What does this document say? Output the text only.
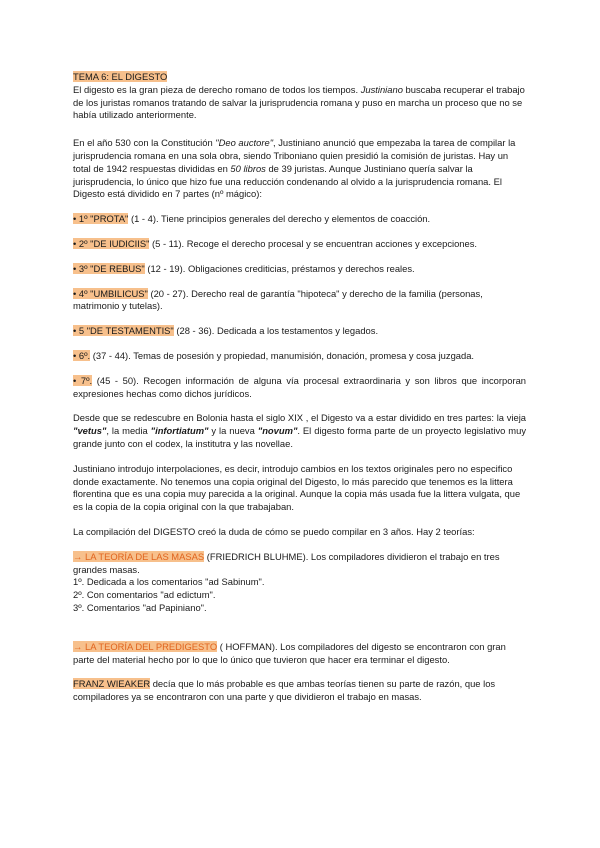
TEMA 6: EL DIGESTO

El digesto es la gran pieza de derecho romano de todos los tiempos. Justiniano buscaba recuperar el trabajo de los juristas romanos tratando de salvar la jurisprudencia romana y puso en marcha un proceso que no se había utilizado anteriormente.

En el año 530 con la Constitución "Deo auctore", Justiniano anunció que empezaba la tarea de compilar la jurisprudencia romana en una sola obra, siendo Triboniano quien presidió la comisión de juristas. Hay un total de 1942 respuestas divididas en 50 libros de 39 juristas. Aunque Justiniano quería salvar la jurisprudencia, lo único que hizo fue una reducción condenando al olvido a la jurisprudencia romana. El Digesto está dividido en 7 partes (nº mágico):

• 1º "PROTA" (1 - 4). Tiene principios generales del derecho y elementos de coacción.

• 2º "DE IUDICIIS" (5 - 11). Recoge el derecho procesal y se encuentran acciones y excepciones.

• 3º "DE REBUS" (12 - 19). Obligaciones crediticias, préstamos y derechos reales.

• 4º "UMBILICUS" (20 - 27). Derecho real de garantía "hipoteca" y derecho de la familia (personas, matrimonio y tutelas).

• 5 "DE TESTAMENTIS" (28 - 36). Dedicada a los testamentos y legados.

• 6º. (37 - 44). Temas de posesión y propiedad, manumisión, donación, promesa y cosa juzgada.

• 7º. (45 - 50). Recogen información de alguna vía procesal extraordinaria y son libros que incorporan expresiones hechas como dichos jurídicos.

Desde que se redescubre en Bolonia hasta el siglo XIX , el Digesto va a estar dividido en tres partes: la vieja "vetus", la media "infortiatum" y la nueva "novum". El digesto forma parte de un proyecto legislativo muy grande junto con el codex, la institutra y las novellae.

Justiniano introdujo interpolaciones, es decir, introdujo cambios en los textos originales pero no especifico donde exactamente. No tenemos una copia original del Digesto, lo más parecido que tenemos es la littera florentina que es una copia muy parecida a la original. Aunque la copia más usada fue la littera vulgata, que es la copia de la copia original con la que trabajaban.

La compilación del DIGESTO creó la duda de cómo se puedo compilar en 3 años. Hay 2 teorías:

→ LA TEORÍA DE LAS MASAS (FRIEDRICH BLUHME). Los compiladores dividieron el trabajo en tres grandes masas.

1º. Dedicada a los comentarios "ad Sabinum".

2º. Con comentarios "ad edictum".

3º. Comentarios "ad Papiniano".

→ LA TEORÍA DEL PREDIGESTO ( HOFFMAN). Los compiladores del digesto se encontraron con gran parte del material hecho por lo que lo único que tuvieron que hacer era terminar el digesto.

FRANZ WIEAKER decía que lo más probable es que ambas teorías tienen su parte de razón, que los compiladores ya se encontraron con una parte y que dividieron el trabajo en masas.
